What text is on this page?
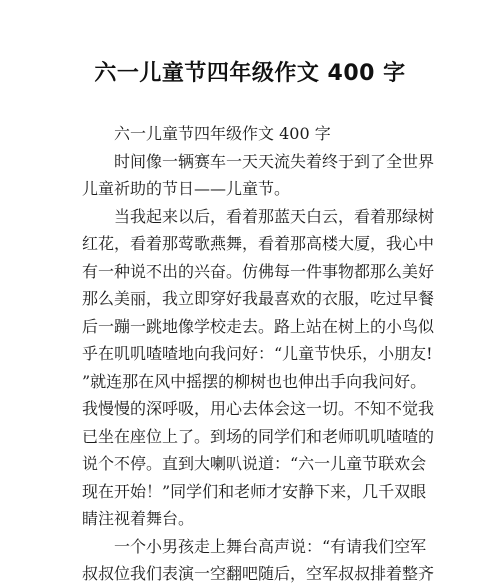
六一儿童节四年级作文 400 字
六一儿童节四年级作文 400 字
时间像一辆赛车一天天流失着终于到了全世界
儿童祈助的节日——儿童节。
当我起来以后，看着那蓝天白云，看着那绿树
红花，看着那莺歌燕舞，看着那高楼大厦，我心中
有一种说不出的兴奋。仿佛每一件事物都那么美好
那么美丽，我立即穿好我最喜欢的衣服，吃过早餐
后一蹦一跳地像学校走去。路上站在树上的小鸟似
乎在叽叽喳喳地向我问好：“儿童节快乐，小朋友!
”就连那在风中摇摆的柳树也也伸出手向我问好。
我慢慢的深呼吸，用心去体会这一切。不知不觉我
已坐在座位上了。到场的同学们和老师叽叽喳喳的
说个不停。直到大喇叭说道：“六一儿童节联欢会
现在开始！”同学们和老师才安静下来，几千双眼
睛注视着舞台。
一个小男孩走上舞台高声说：“有请我们空军
叔叔位我们表演一空翻吧随后，空军叔叔排着整齐
